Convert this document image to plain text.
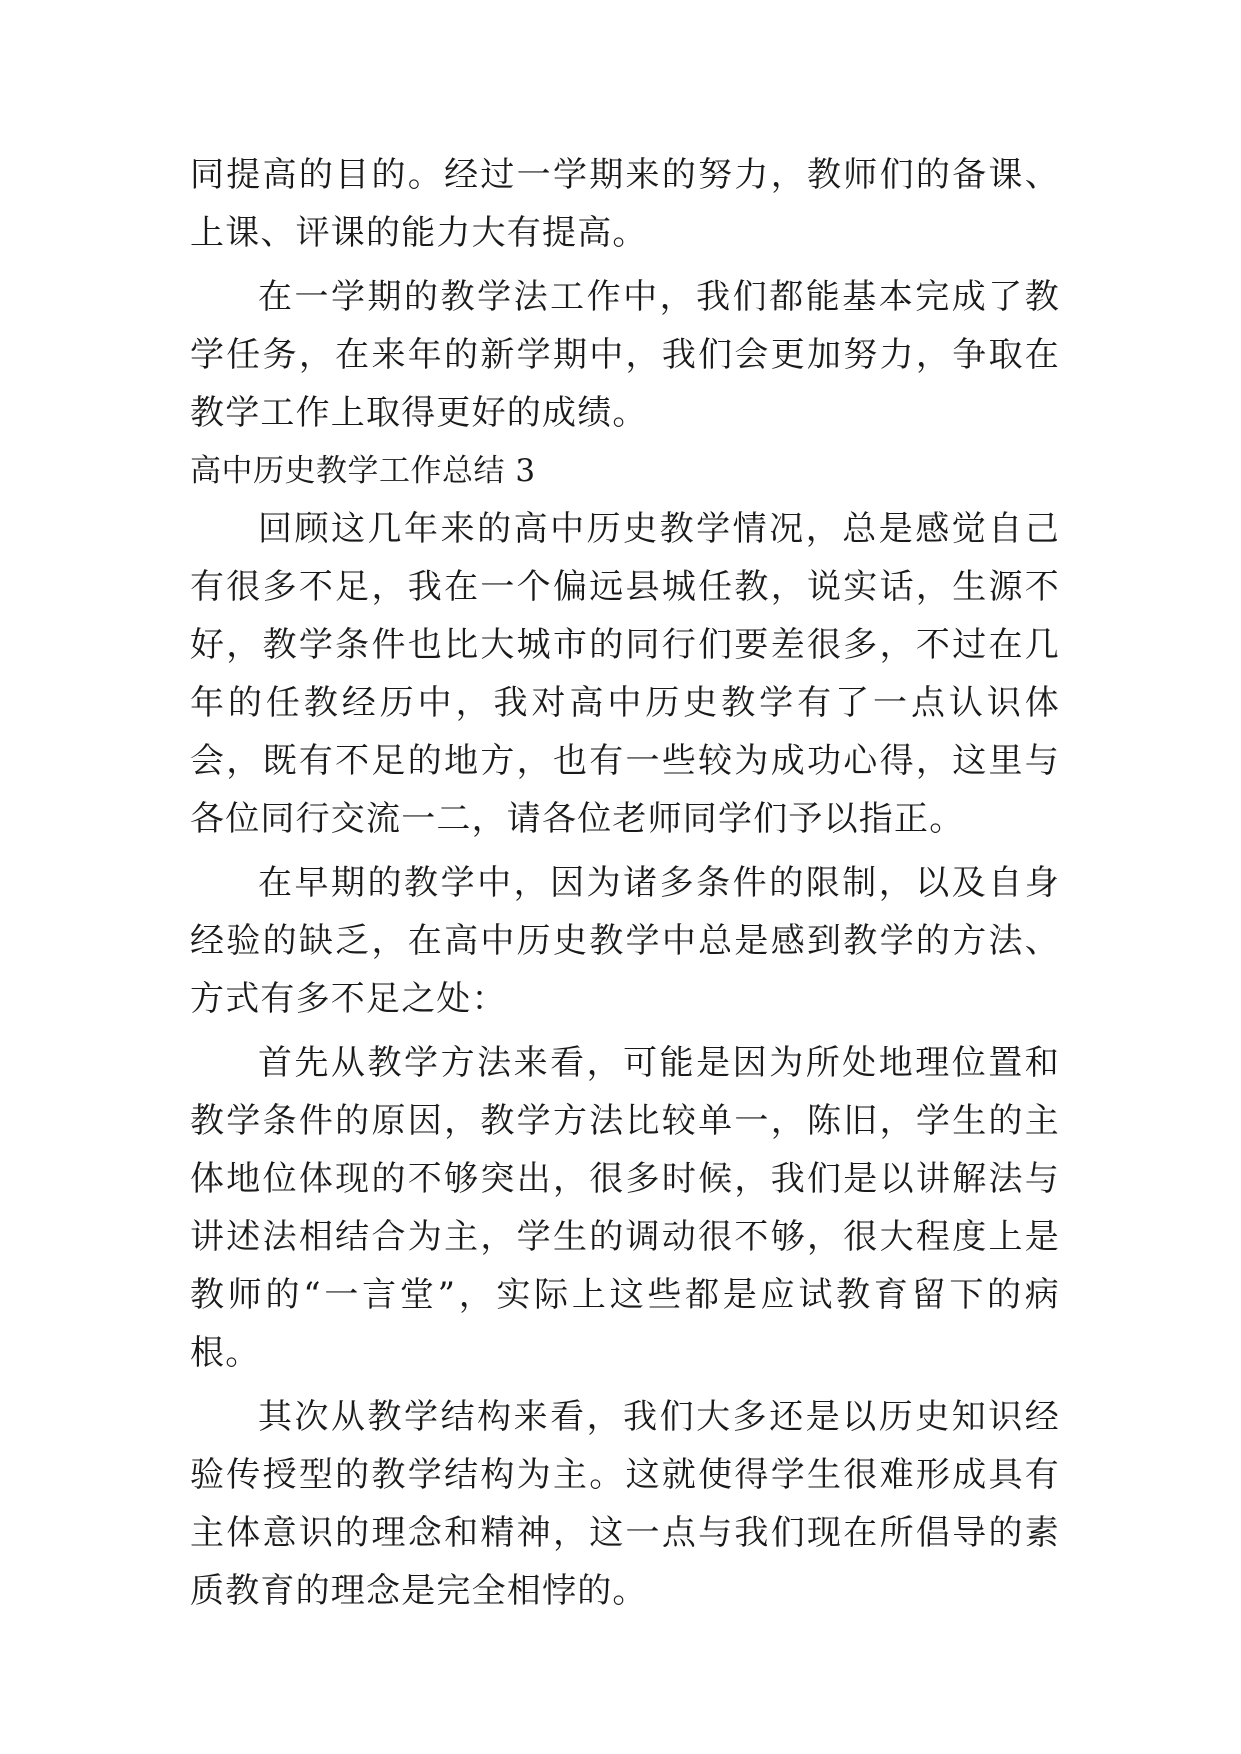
同提高的目的。经过一学期来的努力，教师们的备课、上课、评课的能力大有提高。

在一学期的教学法工作中，我们都能基本完成了教学任务，在来年的新学期中，我们会更加努力，争取在教学工作上取得更好的成绩。

高中历史教学工作总结 3

回顾这几年来的高中历史教学情况，总是感觉自己有很多不足，我在一个偏远县城任教，说实话，生源不好，教学条件也比大城市的同行们要差很多，不过在几年的任教经历中，我对高中历史教学有了一点认识体会，既有不足的地方，也有一些较为成功心得，这里与各位同行交流一二，请各位老师同学们予以指正。

在早期的教学中，因为诸多条件的限制，以及自身经验的缺乏，在高中历史教学中总是感到教学的方法、方式有多不足之处：

首先从教学方法来看，可能是因为所处地理位置和教学条件的原因，教学方法比较单一，陈旧，学生的主体地位体现的不够突出，很多时候，我们是以讲解法与讲述法相结合为主，学生的调动很不够，很大程度上是教师的“一言堂”，实际上这些都是应试教育留下的病根。

其次从教学结构来看，我们大多还是以历史知识经验传授型的教学结构为主。这就使得学生很难形成具有主体意识的理念和精神，这一点与我们现在所倡导的素质教育的理念是完全相悖的。
